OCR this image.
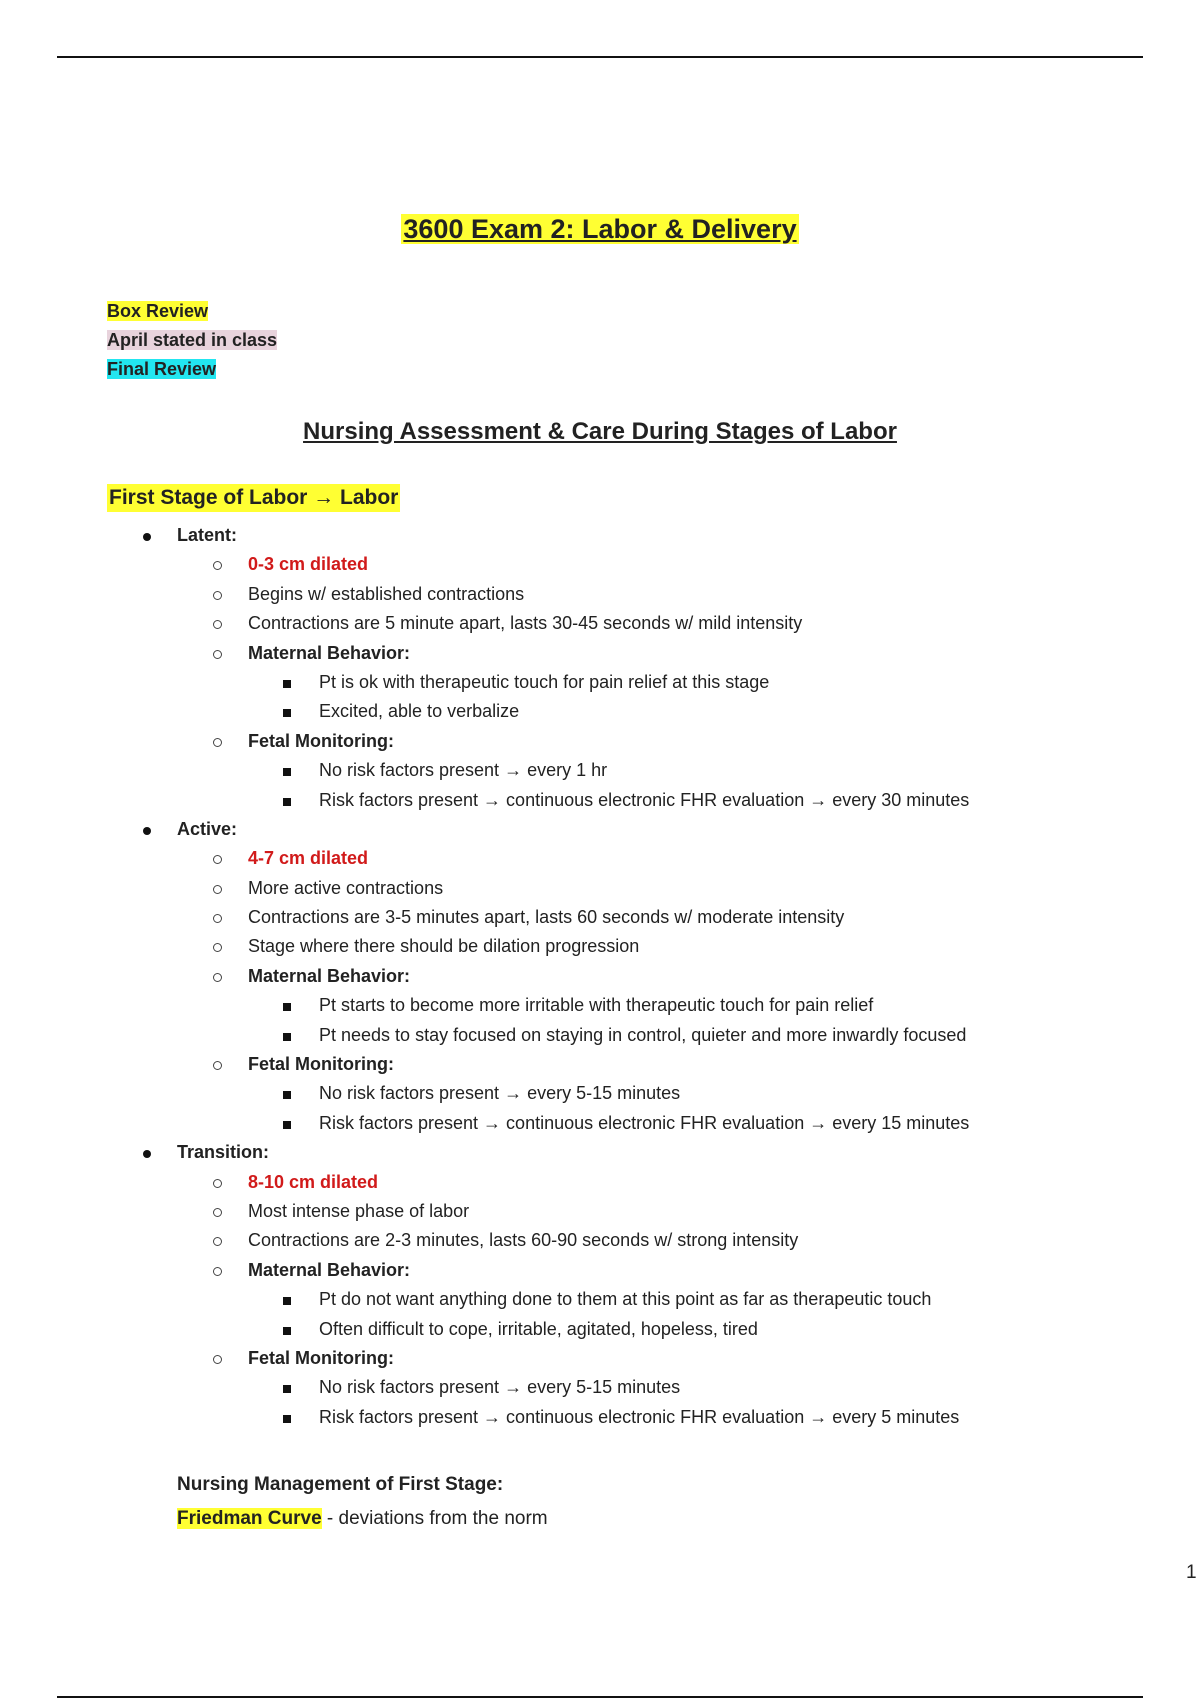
3600 Exam 2: Labor & Delivery
Box Review
April stated in class
Final Review
Nursing Assessment & Care During Stages of Labor
First Stage of Labor → Labor
Latent:
0-3 cm dilated
Begins w/ established contractions
Contractions are 5 minute apart, lasts 30-45 seconds w/ mild intensity
Maternal Behavior:
Pt is ok with therapeutic touch for pain relief at this stage
Excited, able to verbalize
Fetal Monitoring:
No risk factors present → every 1 hr
Risk factors present → continuous electronic FHR evaluation → every 30 minutes
Active:
4-7 cm dilated
More active contractions
Contractions are 3-5 minutes apart, lasts 60 seconds w/ moderate intensity
Stage where there should be dilation progression
Maternal Behavior:
Pt starts to become more irritable with therapeutic touch for pain relief
Pt needs to stay focused on staying in control, quieter and more inwardly focused
Fetal Monitoring:
No risk factors present → every 5-15 minutes
Risk factors present → continuous electronic FHR evaluation → every 15 minutes
Transition:
8-10 cm dilated
Most intense phase of labor
Contractions are 2-3 minutes, lasts 60-90 seconds w/ strong intensity
Maternal Behavior:
Pt do not want anything done to them at this point as far as therapeutic touch
Often difficult to cope, irritable, agitated, hopeless, tired
Fetal Monitoring:
No risk factors present → every 5-15 minutes
Risk factors present → continuous electronic FHR evaluation → every 5 minutes
Nursing Management of First Stage:
Friedman Curve - deviations from the norm
1
